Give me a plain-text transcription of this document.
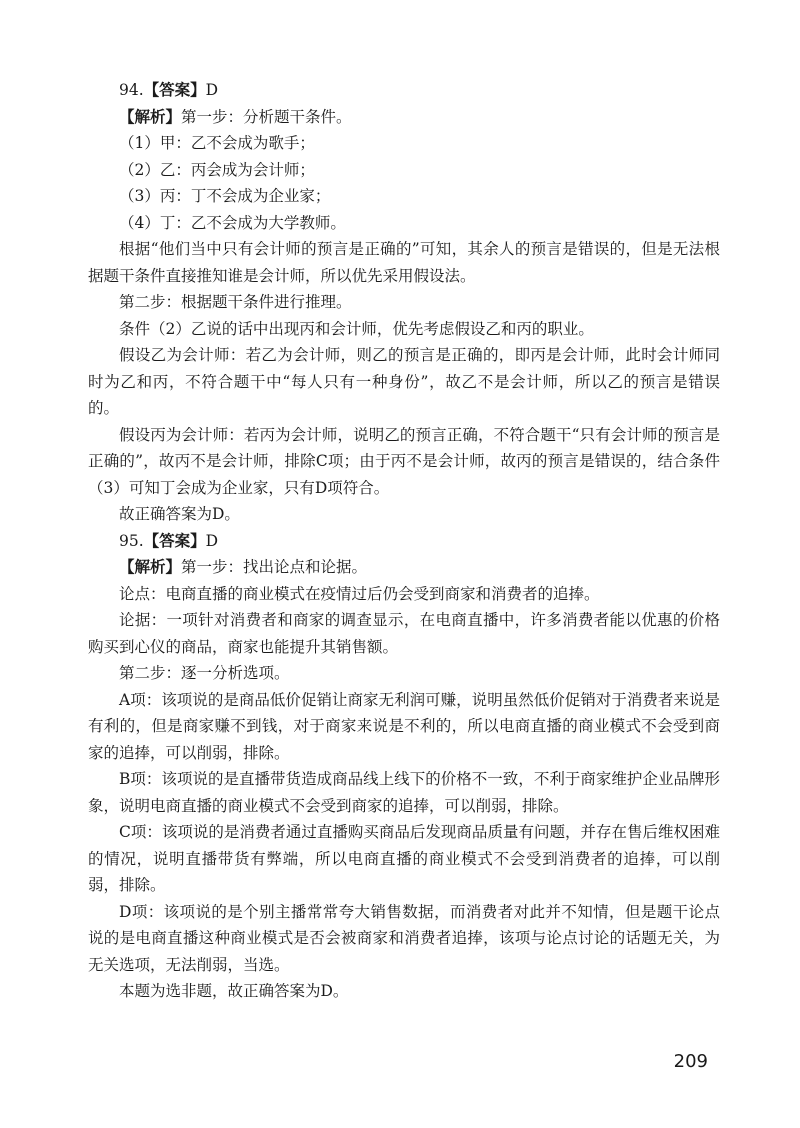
94.【答案】D

【解析】第一步：分析题干条件。

（1）甲：乙不会成为歌手；

（2）乙：丙会成为会计师；

（3）丙：丁不会成为企业家；

（4）丁：乙不会成为大学教师。

根据“他们当中只有会计师的预言是正确的”可知，其余人的预言是错误的，但是无法根据题干条件直接推知谁是会计师，所以优先采用假设法。

第二步：根据题干条件进行推理。

条件（2）乙说的话中出现丙和会计师，优先考虑假设乙和丙的职业。

假设乙为会计师：若乙为会计师，则乙的预言是正确的，即丙是会计师，此时会计师同时为乙和丙，不符合题干中“每人只有一种身份”，故乙不是会计师，所以乙的预言是错误的。

假设丙为会计师：若丙为会计师，说明乙的预言正确，不符合题干“只有会计师的预言是正确的”，故丙不是会计师，排除C项；由于丙不是会计师，故丙的预言是错误的，结合条件（3）可知丁会成为企业家，只有D项符合。

故正确答案为D。

95.【答案】D

【解析】第一步：找出论点和论据。

论点：电商直播的商业模式在疫情过后仍会受到商家和消费者的追捧。

论据：一项针对消费者和商家的调查显示，在电商直播中，许多消费者能以优惠的价格购买到心仪的商品，商家也能提升其销售额。

第二步：逐一分析选项。

A项：该项说的是商品低价促销让商家无利润可赚，说明虽然低价促销对于消费者来说是有利的，但是商家赚不到钱，对于商家来说是不利的，所以电商直播的商业模式不会受到商家的追捧，可以削弱，排除。

B项：该项说的是直播带货造成商品线上线下的价格不一致，不利于商家维护企业品牌形象，说明电商直播的商业模式不会受到商家的追捧，可以削弱，排除。

C项：该项说的是消费者通过直播购买商品后发现商品质量有问题，并存在售后维权困难的情况，说明直播带货有弊端，所以电商直播的商业模式不会受到消费者的追捧，可以削弱，排除。

D项：该项说的是个别主播常常夸大销售数据，而消费者对此并不知情，但是题干论点说的是电商直播这种商业模式是否会被商家和消费者追捧，该项与论点讨论的话题无关，为无关选项，无法削弱，当选。

本题为选非题，故正确答案为D。

209
